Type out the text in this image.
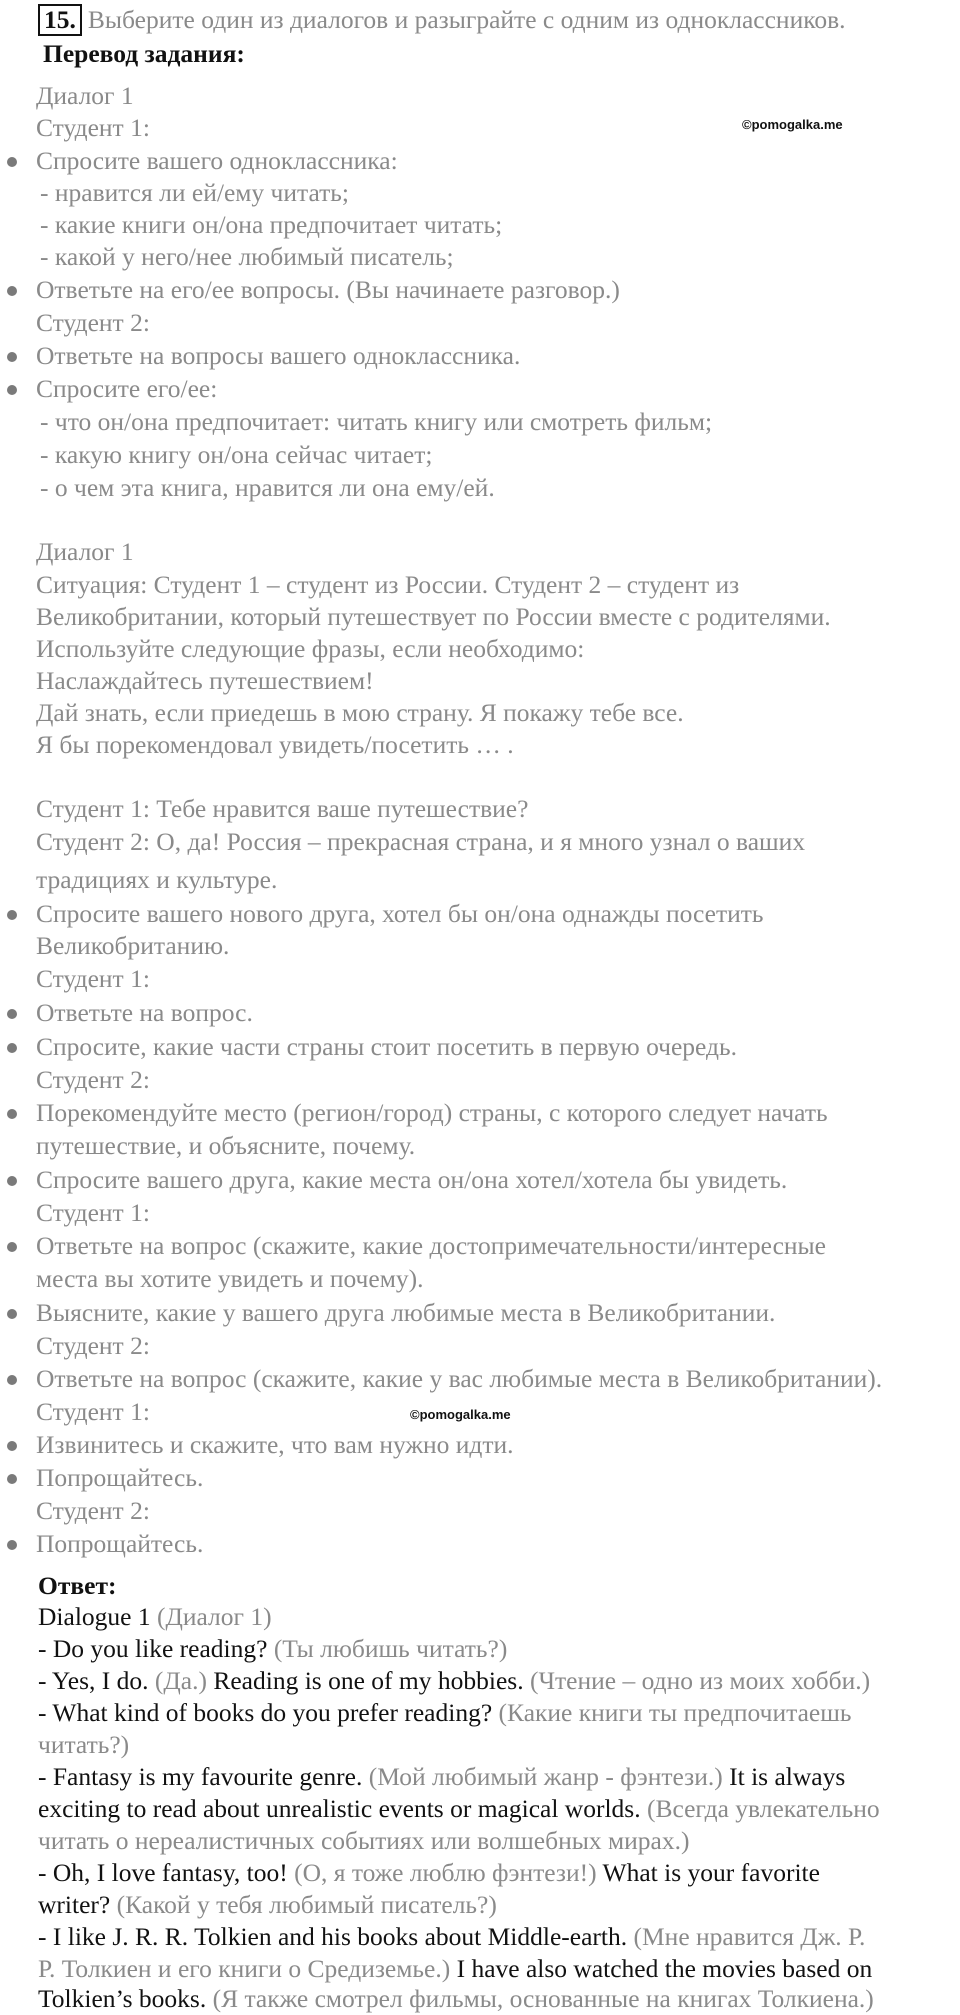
15. Выберите один из диалогов и разыграйте с одним из одноклассников.
Перевод задания:
Диалог 1
Студент 1:	©pomogalka.me
Спросите вашего одноклассника:
- нравится ли ей/ему читать;
- какие книги он/она предпочитает читать;
- какой у него/нее любимый писатель;
Ответьте на его/ее вопросы. (Вы начинаете разговор.)
Студент 2:
Ответьте на вопросы вашего одноклассника.
Спросите его/ее:
- что он/она предпочитает: читать книгу или смотреть фильм;
- какую книгу он/она сейчас читает;
- о чем эта книга, нравится ли она ему/ей.
Диалог 1
Ситуация: Студент 1 – студент из России. Студент 2 – студент из
Великобритании, который путешествует по России вместе с родителями.
Используйте следующие фразы, если необходимо:
Наслаждайтесь путешествием!
Дай знать, если приедешь в мою страну. Я покажу тебе все.
Я бы порекомендовал увидеть/посетить … .
Студент 1: Тебе нравится ваше путешествие?
Студент 2: О, да! Россия – прекрасная страна, и я много узнал о ваших
традициях и культуре.
Спросите вашего нового друга, хотел бы он/она однажды посетить
Великобританию.
Студент 1:
Ответьте на вопрос.
Спросите, какие части страны стоит посетить в первую очередь.
Студент 2:
Порекомендуйте место (регион/город) страны, с которого следует начать
путешествие, и объясните, почему.
Спросите вашего друга, какие места он/она хотел/хотела бы увидеть.
Студент 1:
Ответьте на вопрос (скажите, какие достопримечательности/интересные
места вы хотите увидеть и почему).
Выясните, какие у вашего друга любимые места в Великобритании.
Студент 2:
Ответьте на вопрос (скажите, какие у вас любимые места в Великобритании).
Студент 1:	©pomogalka.me
Извинитесь и скажите, что вам нужно идти.
Попрощайтесь.
Студент 2:
Попрощайтесь.
Ответ:
Dialogue 1 (Диалог 1)
- Do you like reading? (Ты любишь читать?)
- Yes, I do. (Да.) Reading is one of my hobbies. (Чтение – одно из моих хобби.)
- What kind of books do you prefer reading? (Какие книги ты предпочитаешь
читать?)
- Fantasy is my favourite genre. (Мой любимый жанр - фэнтези.) It is always
exciting to read about unrealistic events or magical worlds. (Всегда увлекательно
читать о нереалистичных событиях или волшебных мирах.)
- Oh, I love fantasy, too! (О, я тоже люблю фэнтези!) What is your favorite
writer? (Какой у тебя любимый писатель?)
- I like J. R. R. Tolkien and his books about Middle-earth. (Мне нравится Дж. Р.
Р. Толкиен и его книги о Средиземье.) I have also watched the movies based on
Tolkien’s books. (Я также смотрел фильмы, основанные на книгах Толкиена.)
